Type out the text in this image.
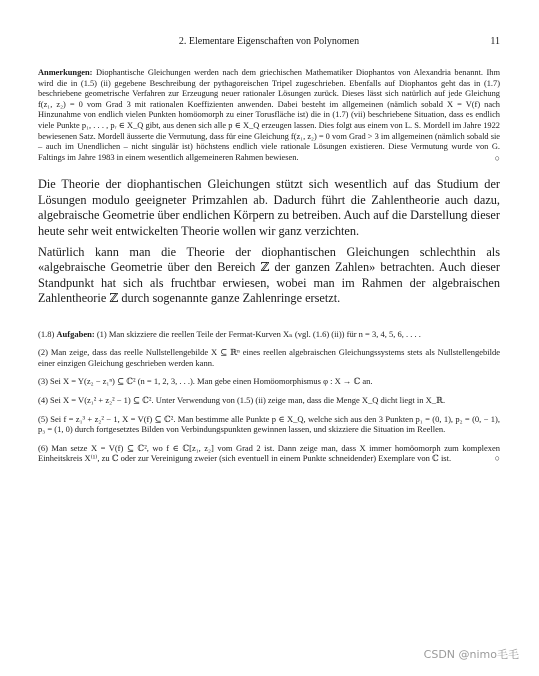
2. Elementare Eigenschaften von Polynomen	11
Anmerkungen: Diophantische Gleichungen werden nach dem griechischen Mathematiker Diophantos von Alexandria benannt. Ihm wird die in (1.5) (ii) gegebene Beschreibung der pythagoreischen Tripel zugeschrieben. Ebenfalls auf Diophantos geht das in (1.7) beschriebene geometrische Verfahren zur Erzeugung neuer rationaler Lösungen zurück. Dieses lässt sich natürlich auf jede Gleichung f(z₁, z₂) = 0 vom Grad 3 mit rationalen Koeffizienten anwenden. Dabei besteht im allgemeinen (nämlich sobald X = V(f) nach Hinzunahme von endlich vielen Punkten homöomorph zu einer Torusfläche ist) die in (1.7) (vii) beschriebene Situation, dass es endlich viele Punkte p₁, . . . , pᵣ ∈ X_Q gibt, aus denen sich alle p ∈ X_Q erzeugen lassen. Dies folgt aus einem von L. S. Mordell im Jahre 1922 bewiesenen Satz. Mordell äusserte die Vermutung, dass für eine Gleichung f(z₁, z₂) = 0 vom Grad > 3 im allgemeinen (nämlich sobald sie – auch im Unendlichen – nicht singulär ist) höchstens endlich viele rationale Lösungen existieren. Diese Vermutung wurde von G. Faltings im Jahre 1983 in einem wesentlich allgemeineren Rahmen bewiesen.	○

Die Theorie der diophantischen Gleichungen stützt sich wesentlich auf das Studium der Lösungen modulo geeigneter Primzahlen ab. Dadurch führt die Zahlentheorie auch dazu, algebraische Geometrie über endlichen Körpern zu betreiben. Auch auf die Darstellung dieser heute sehr weit entwickelten Theorie wollen wir ganz verzichten.

Natürlich kann man die Theorie der diophantischen Gleichungen schlechthin als «algebraische Geometrie über den Bereich ℤ der ganzen Zahlen» betrachten. Auch dieser Standpunkt hat sich als fruchtbar erwiesen, wobei man im Rahmen der algebraischen Zahlentheorie ℤ durch sogenannte ganze Zahlenringe ersetzt.

(1.8) Aufgaben: (1) Man skizziere die reellen Teile der Fermat-Kurven Xₙ (vgl. (1.6) (ii)) für n = 3, 4, 5, 6, . . . .

(2) Man zeige, dass das reelle Nullstellengebilde X ⊆ ℝⁿ eines reellen algebraischen Gleichungssystems stets als Nullstellengebilde einer einzigen Gleichung geschrieben werden kann.

(3) Sei X = Y(z₂ − z₁ⁿ) ⊆ ℂ² (n = 1, 2, 3, . . .). Man gebe einen Homöomorphismus φ : X → ℂ an.

(4) Sei X = V(z₁² + z₂² − 1) ⊆ ℂ². Unter Verwendung von (1.5) (ii) zeige man, dass die Menge X_Q dicht liegt in X_ℝ.

(5) Sei f = z₁³ + z₂² − 1, X = V(f) ⊆ ℂ². Man bestimme alle Punkte p ∈ X_Q, welche sich aus den 3 Punkten p₁ = (0, 1), p₂ = (0, − 1), p₃ = (1, 0) durch fortgesetztes Bilden von Verbindungspunkten gewinnen lassen, und skizziere die Situation im Reellen.

(6) Man setze X = V(f) ⊆ ℂ², wo f ∈ ℂ[z₁, z₂] vom Grad 2 ist. Dann zeige man, dass X immer homöomorph zum komplexen Einheitskreis X⁽¹⁾, zu ℂ oder zur Vereinigung zweier (sich eventuell in einem Punkte schneidender) Exemplare von ℂ ist.	○

CSDN @nimo毛毛
